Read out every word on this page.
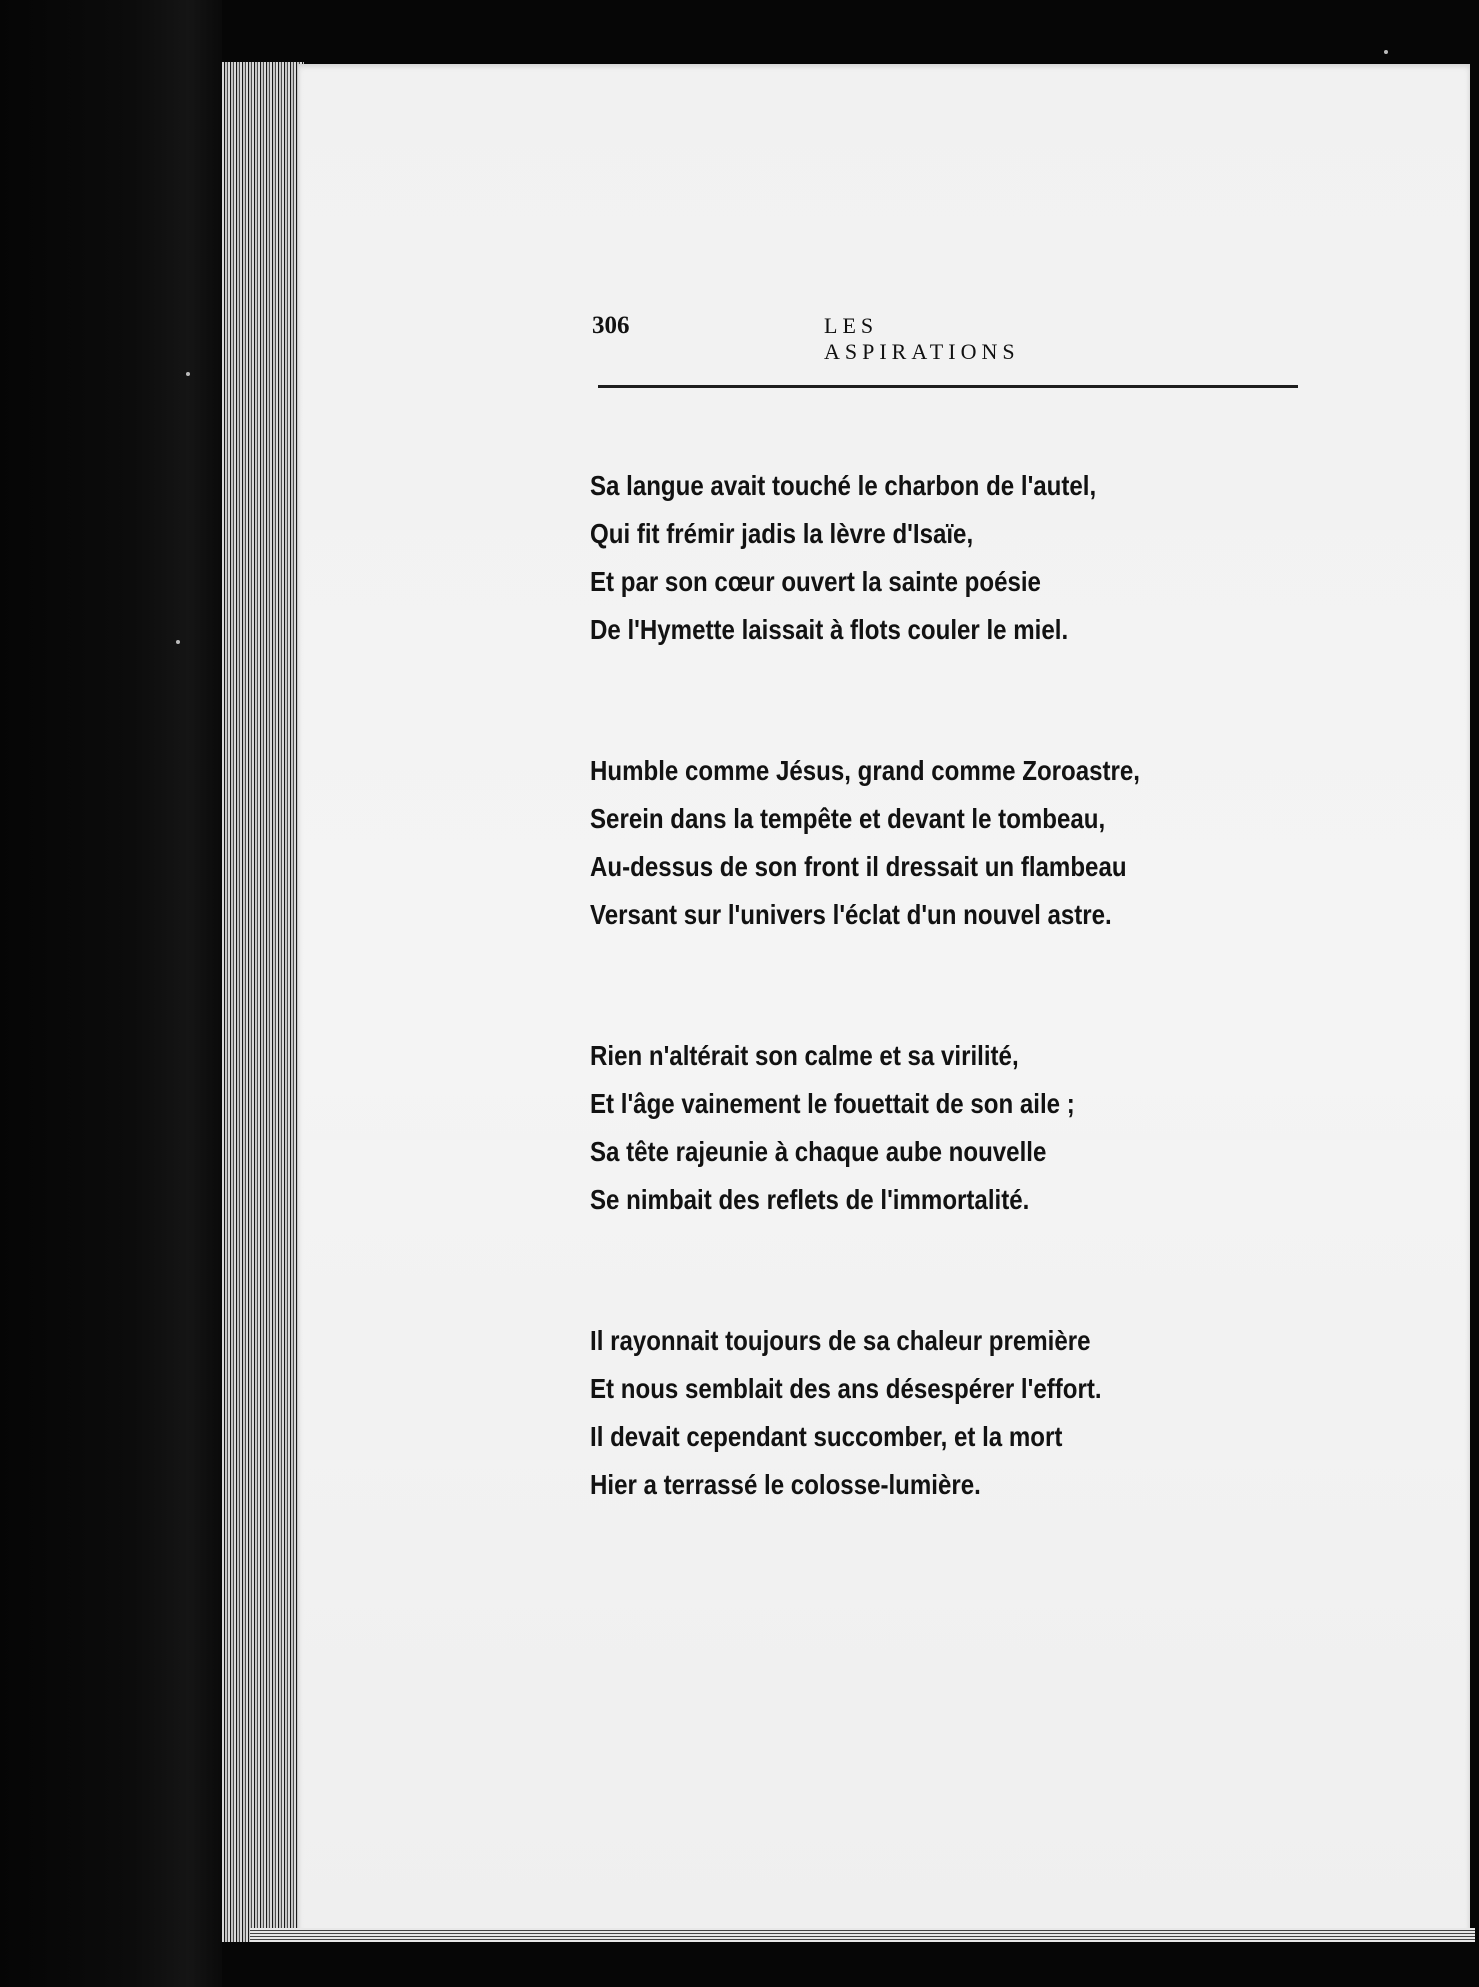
306	LES ASPIRATIONS
Sa langue avait touché le charbon de l'autel,
Qui fit frémir jadis la lèvre d'Isaïe,
Et par son cœur ouvert la sainte poésie
De l'Hymette laissait à flots couler le miel.
Humble comme Jésus, grand comme Zoroastre,
Serein dans la tempête et devant le tombeau,
Au-dessus de son front il dressait un flambeau
Versant sur l'univers l'éclat d'un nouvel astre.
Rien n'altérait son calme et sa virilité,
Et l'âge vainement le fouettait de son aile ;
Sa tête rajeunie à chaque aube nouvelle
Se nimbait des reflets de l'immortalité.
Il rayonnait toujours de sa chaleur première
Et nous semblait des ans désespérer l'effort.
Il devait cependant succomber, et la mort
Hier a terrassé le colosse-lumière.
